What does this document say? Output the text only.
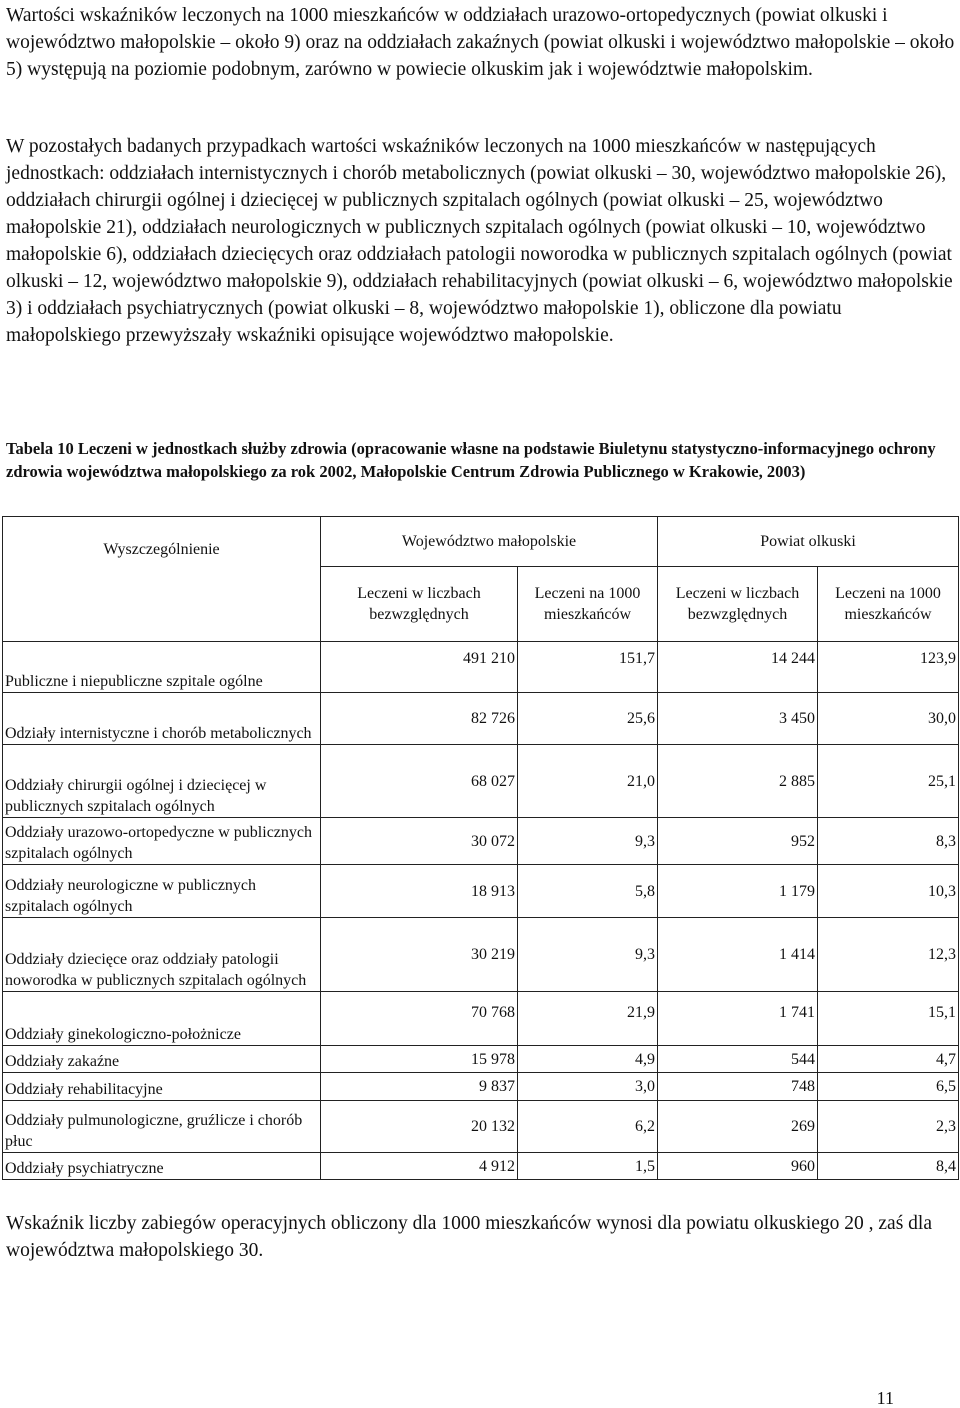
Wartości wskaźników leczonych na 1000 mieszkańców w oddziałach urazowo-ortopedycznych (powiat olkuski i województwo małopolskie – około 9) oraz na oddziałach zakaźnych (powiat olkuski i województwo małopolskie – około 5) występują na poziomie podobnym, zarówno w powiecie olkuskim jak i województwie małopolskim.

W pozostałych badanych przypadkach wartości wskaźników leczonych na 1000 mieszkańców w następujących jednostkach: oddziałach internistycznych i chorób metabolicznych (powiat olkuski – 30, województwo małopolskie 26), oddziałach chirurgii ogólnej i dziecięcej w publicznych szpitalach ogólnych (powiat olkuski – 25, województwo małopolskie 21), oddziałach neurologicznych w publicznych szpitalach ogólnych (powiat olkuski – 10, województwo małopolskie 6), oddziałach dziecięcych oraz oddziałach patologii noworodka w publicznych szpitalach ogólnych (powiat olkuski – 12, województwo małopolskie 9), oddziałach rehabilitacyjnych (powiat olkuski – 6, województwo małopolskie 3) i oddziałach psychiatrycznych (powiat olkuski – 8, województwo małopolskie 1), obliczone dla powiatu małopolskiego przewyższały wskaźniki opisujące województwo małopolskie.

Tabela 10 Leczeni w jednostkach służby zdrowia (opracowanie własne na podstawie Biuletynu statystyczno-informacyjnego ochrony zdrowia województwa małopolskiego za rok 2002, Małopolskie Centrum Zdrowia Publicznego w Krakowie, 2003)

Wyszczególnienie	Województwo małopolskie		Powiat olkuski	
	Leczeni w liczbach bezwzględnych	Leczeni na 1000 mieszkańców	Leczeni w liczbach bezwzględnych	Leczeni na 1000 mieszkańców
Publiczne i niepubliczne szpitale ogólne	491 210	151,7	14 244	123,9
Odziały internistyczne i chorób metabolicznych	82 726	25,6	3 450	30,0
Oddziały chirurgii ogólnej i dziecięcej w publicznych szpitalach ogólnych	68 027	21,0	2 885	25,1
Oddziały urazowo-ortopedyczne w publicznych szpitalach ogólnych	30 072	9,3	952	8,3
Oddziały neurologiczne w publicznych szpitalach ogólnych	18 913	5,8	1 179	10,3
Oddziały dziecięce oraz oddziały patologii noworodka w publicznych szpitalach ogólnych	30 219	9,3	1 414	12,3
Oddziały ginekologiczno-położnicze	70 768	21,9	1 741	15,1
Oddziały zakaźne	15 978	4,9	544	4,7
Oddziały rehabilitacyjne	9 837	3,0	748	6,5
Oddziały pulmunologiczne, gruźlicze i chorób płuc	20 132	6,2	269	2,3
Oddziały psychiatryczne	4 912	1,5	960	8,4

Wskaźnik liczby zabiegów operacyjnych obliczony dla 1000 mieszkańców wynosi dla powiatu olkuskiego 20 , zaś dla województwa małopolskiego 30.

11
